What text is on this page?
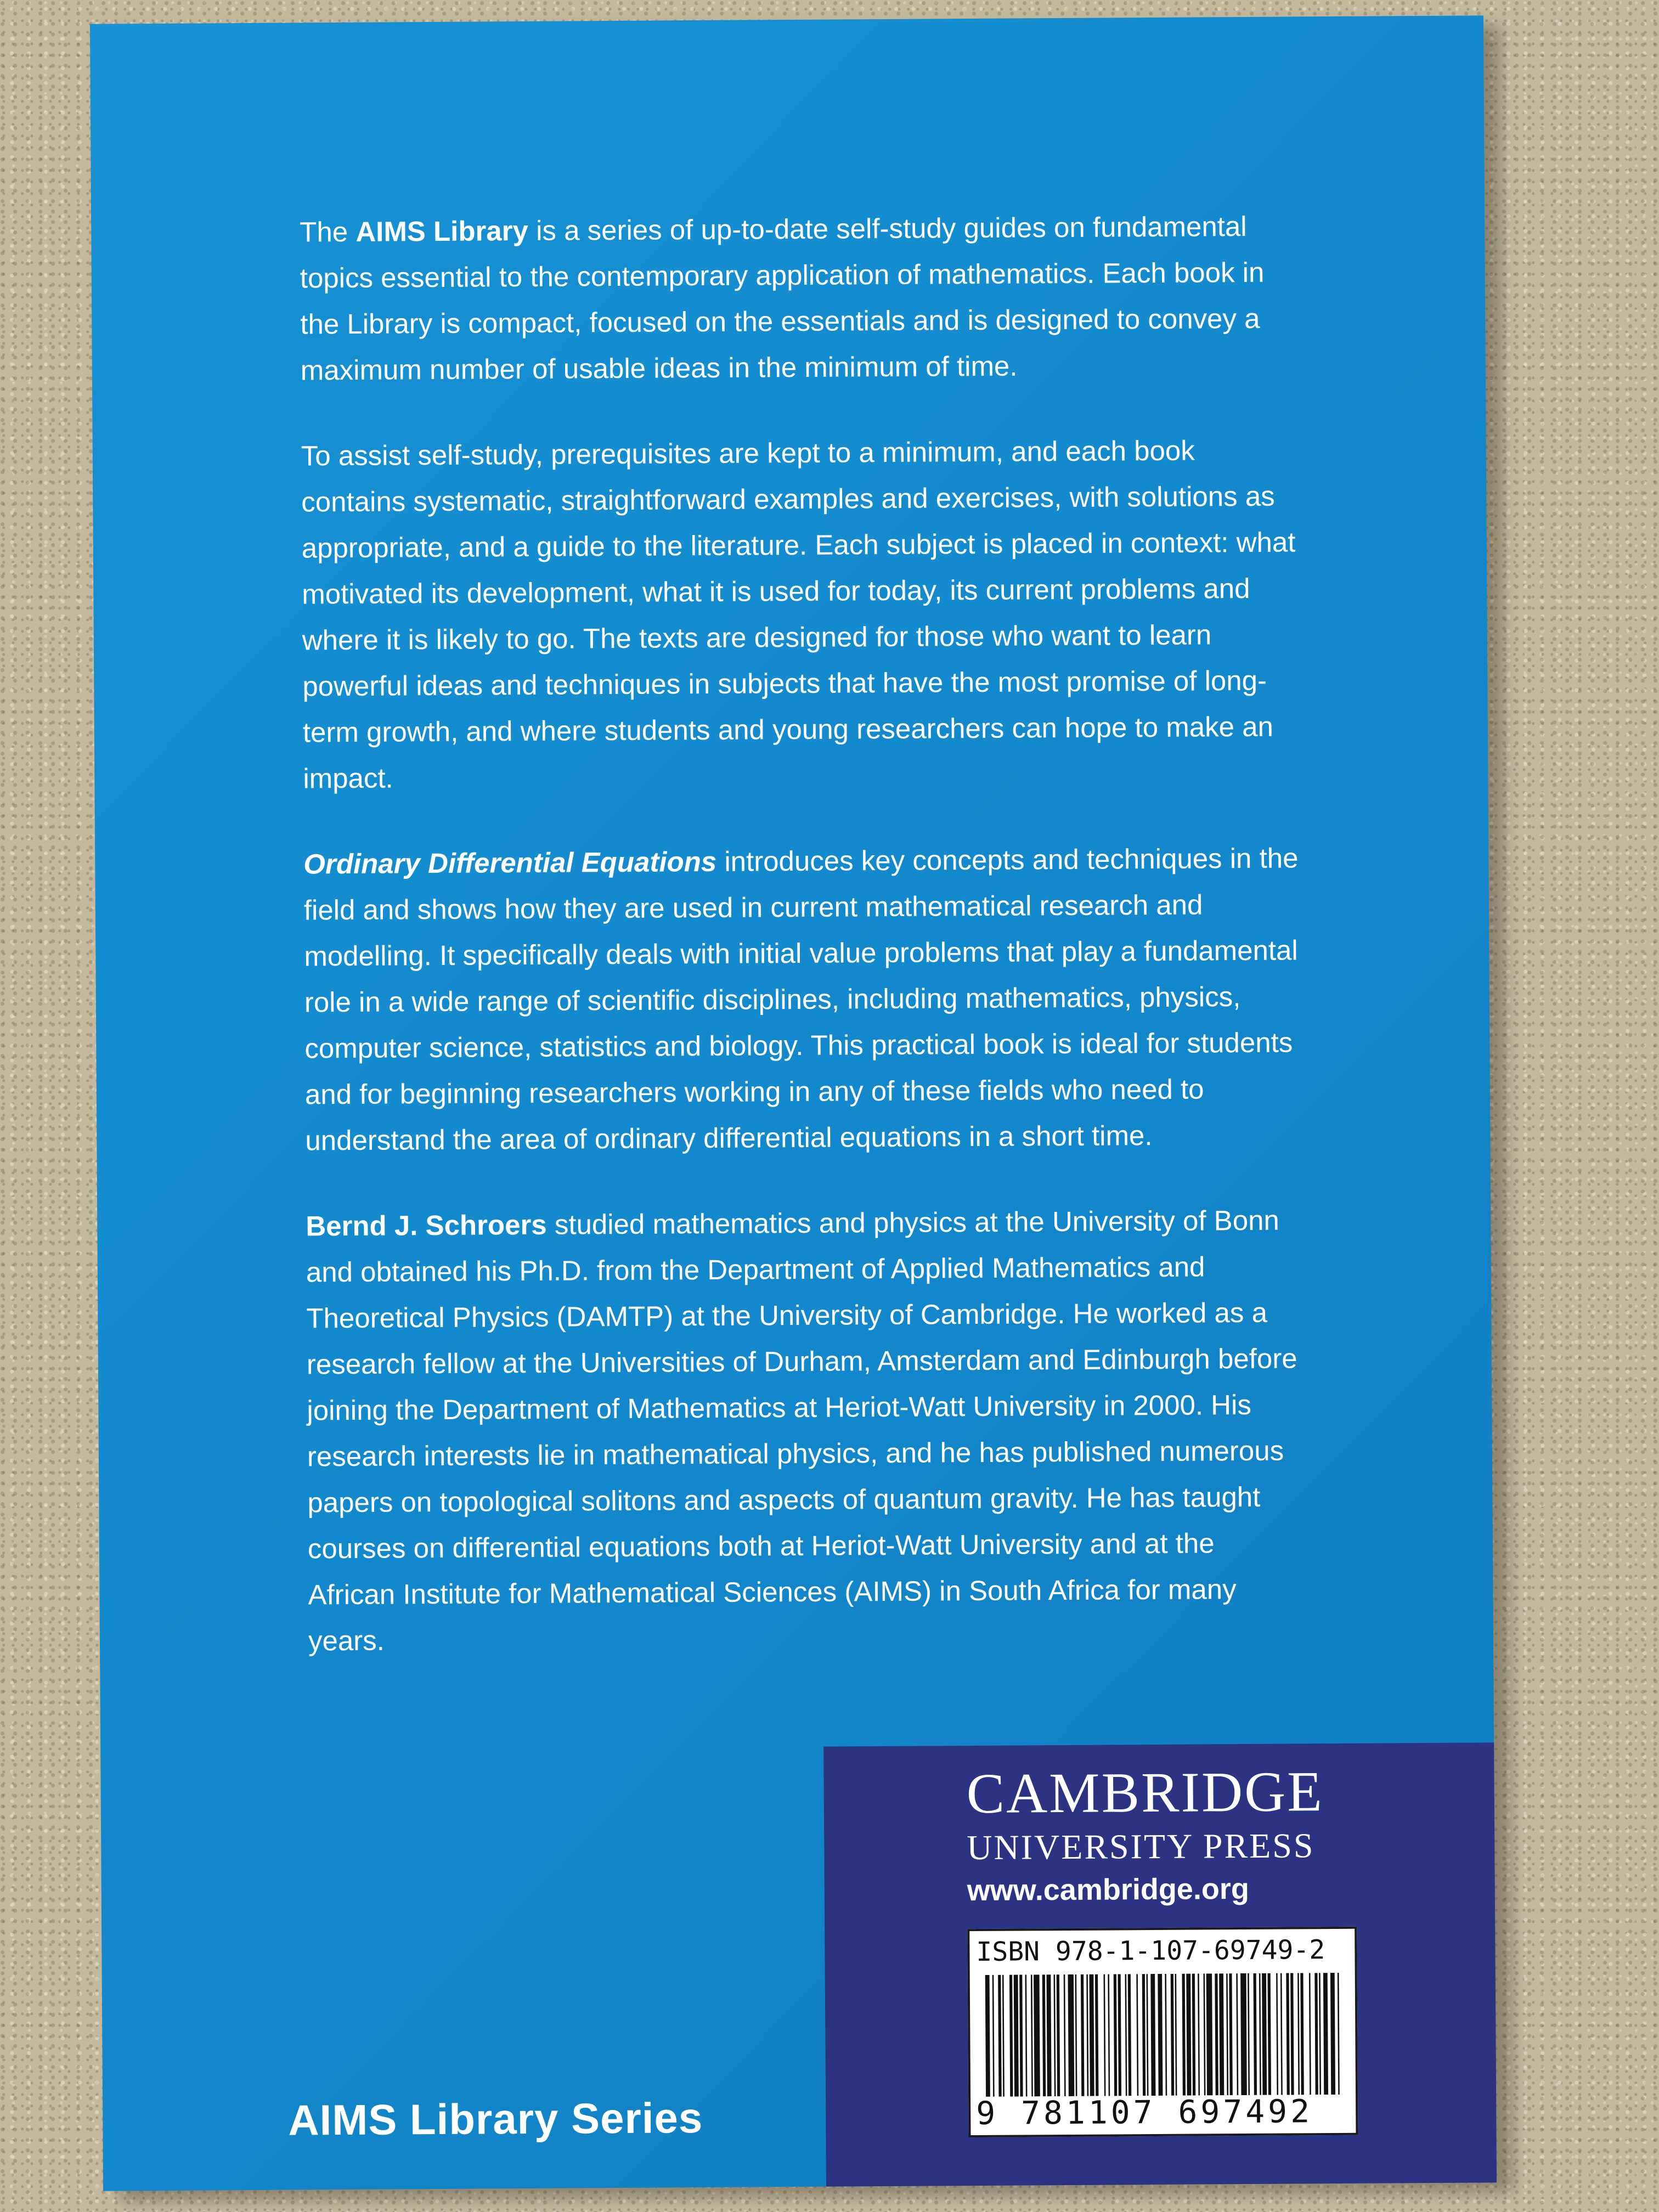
The AIMS Library is a series of up-to-date self-study guides on fundamental topics essential to the contemporary application of mathematics. Each book in the Library is compact, focused on the essentials and is designed to convey a maximum number of usable ideas in the minimum of time.

To assist self-study, prerequisites are kept to a minimum, and each book contains systematic, straightforward examples and exercises, with solutions as appropriate, and a guide to the literature. Each subject is placed in context: what motivated its development, what it is used for today, its current problems and where it is likely to go. The texts are designed for those who want to learn powerful ideas and techniques in subjects that have the most promise of long-term growth, and where students and young researchers can hope to make an impact.

Ordinary Differential Equations introduces key concepts and techniques in the field and shows how they are used in current mathematical research and modelling. It specifically deals with initial value problems that play a fundamental role in a wide range of scientific disciplines, including mathematics, physics, computer science, statistics and biology. This practical book is ideal for students and for beginning researchers working in any of these fields who need to understand the area of ordinary differential equations in a short time.

Bernd J. Schroers studied mathematics and physics at the University of Bonn and obtained his Ph.D. from the Department of Applied Mathematics and Theoretical Physics (DAMTP) at the University of Cambridge. He worked as a research fellow at the Universities of Durham, Amsterdam and Edinburgh before joining the Department of Mathematics at Heriot-Watt University in 2000. His research interests lie in mathematical physics, and he has published numerous papers on topological solitons and aspects of quantum gravity. He has taught courses on differential equations both at Heriot-Watt University and at the African Institute for Mathematical Sciences (AIMS) in South Africa for many years.

AIMS Library Series
CAMBRIDGE
UNIVERSITY PRESS
www.cambridge.org
ISBN 978-1-107-69749-2
9 781107 697492
